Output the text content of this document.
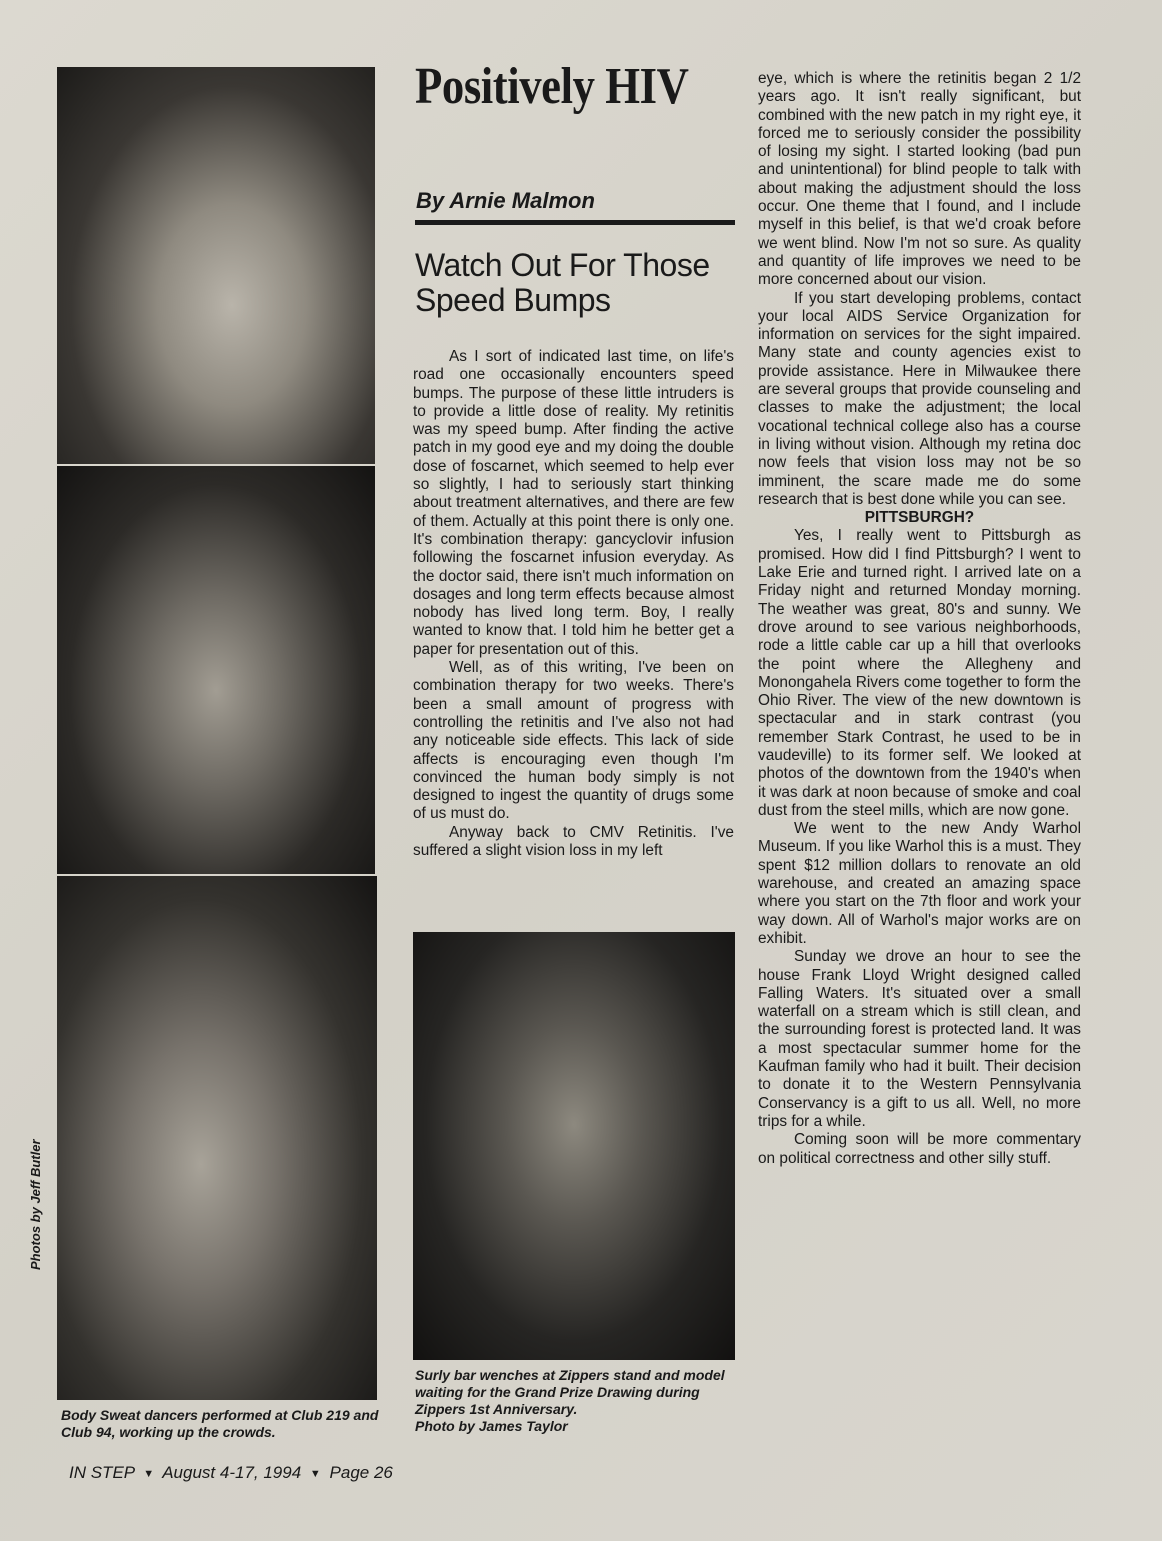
Photos by Jeff Butler
Body Sweat dancers performed at Club 219 and Club 94, working up the crowds.
Surly bar wenches at Zippers stand and model waiting for the Grand Prize Drawing during Zippers 1st Anniversary.
Photo by James Taylor
Positively HIV
By Arnie Malmon
Watch Out For Those Speed Bumps

As I sort of indicated last time, on life's road one occasionally encounters speed bumps. The purpose of these little intruders is to provide a little dose of reality. My retinitis was my speed bump. After finding the active patch in my good eye and my doing the double dose of foscarnet, which seemed to help ever so slightly, I had to seriously start thinking about treatment alternatives, and there are few of them. Actually at this point there is only one. It's combination therapy: gancyclovir infusion following the foscarnet infusion everyday. As the doctor said, there isn't much information on dosages and long term effects because almost nobody has lived long term. Boy, I really wanted to know that. I told him he better get a paper for presentation out of this.

Well, as of this writing, I've been on combination therapy for two weeks. There's been a small amount of progress with controlling the retinitis and I've also not had any noticeable side effects. This lack of side affects is encouraging even though I'm convinced the human body simply is not designed to ingest the quantity of drugs some of us must do.

Anyway back to CMV Retinitis. I've suffered a slight vision loss in my left

eye, which is where the retinitis began 2 1/2 years ago. It isn't really significant, but combined with the new patch in my right eye, it forced me to seriously consider the possibility of losing my sight. I started looking (bad pun and unintentional) for blind people to talk with about making the adjustment should the loss occur. One theme that I found, and I include myself in this belief, is that we'd croak before we went blind. Now I'm not so sure. As quality and quantity of life improves we need to be more concerned about our vision.

If you start developing problems, contact your local AIDS Service Organization for information on services for the sight impaired. Many state and county agencies exist to provide assistance. Here in Milwaukee there are several groups that provide counseling and classes to make the adjustment; the local vocational technical college also has a course in living without vision. Although my retina doc now feels that vision loss may not be so imminent, the scare made me do some research that is best done while you can see.

PITTSBURGH?

Yes, I really went to Pittsburgh as promised. How did I find Pittsburgh? I went to Lake Erie and turned right. I arrived late on a Friday night and returned Monday morning. The weather was great, 80's and sunny. We drove around to see various neighborhoods, rode a little cable car up a hill that overlooks the point where the Allegheny and Monongahela Rivers come together to form the Ohio River. The view of the new downtown is spectacular and in stark contrast (you remember Stark Contrast, he used to be in vaudeville) to its former self. We looked at photos of the downtown from the 1940's when it was dark at noon because of smoke and coal dust from the steel mills, which are now gone.

We went to the new Andy Warhol Museum. If you like Warhol this is a must. They spent $12 million dollars to renovate an old warehouse, and created an amazing space where you start on the 7th floor and work your way down. All of Warhol's major works are on exhibit.

Sunday we drove an hour to see the house Frank Lloyd Wright designed called Falling Waters. It's situated over a small waterfall on a stream which is still clean, and the surrounding forest is protected land. It was a most spectacular summer home for the Kaufman family who had it built. Their decision to donate it to the Western Pennsylvania Conservancy is a gift to us all. Well, no more trips for a while.

Coming soon will be more commentary on political correctness and other silly stuff.

IN STEP ▼ August 4-17, 1994 ▼ Page 26
